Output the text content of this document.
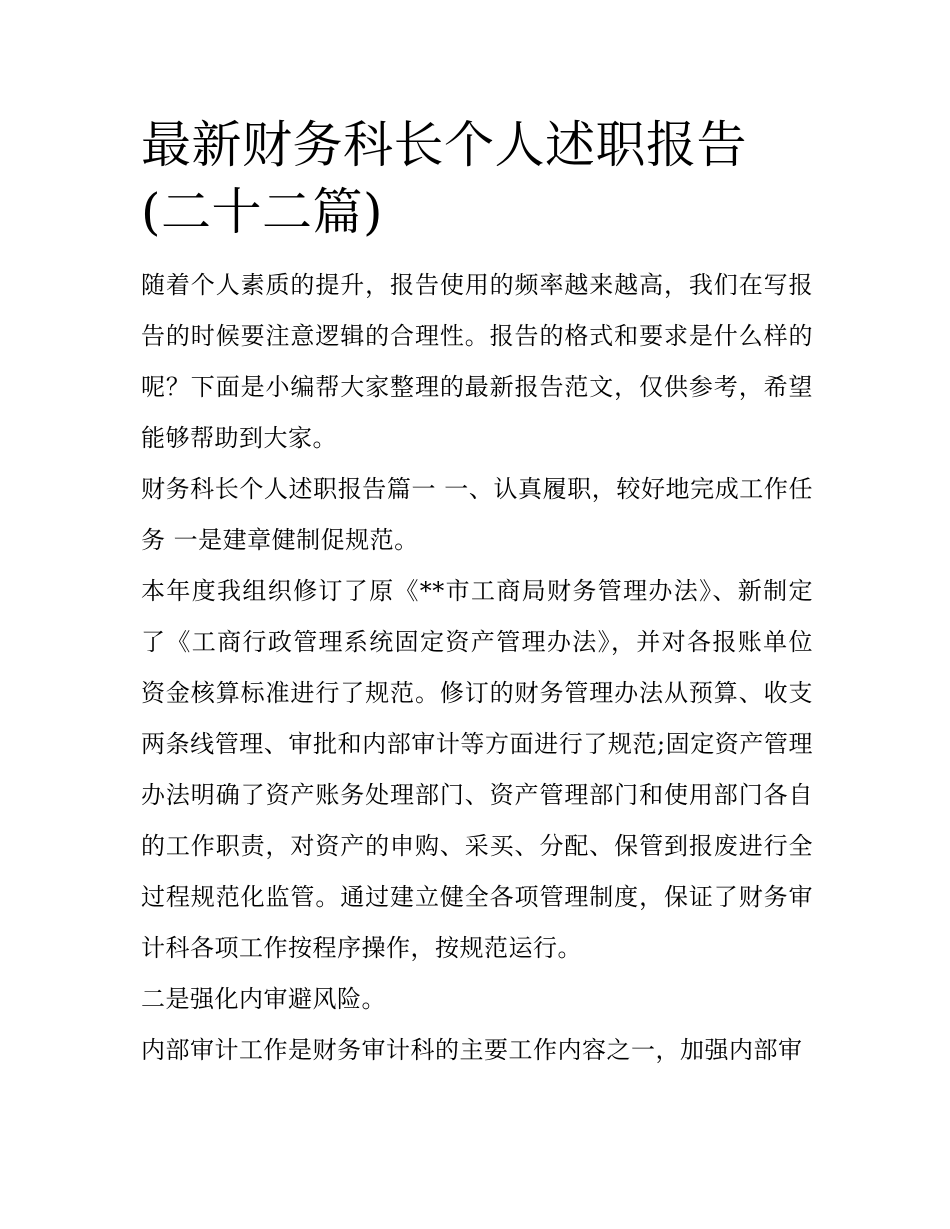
最新财务科长个人述职报告(二十二篇)

随着个人素质的提升，报告使用的频率越来越高，我们在写报告的时候要注意逻辑的合理性。报告的格式和要求是什么样的呢？下面是小编帮大家整理的最新报告范文，仅供参考，希望能够帮助到大家。

财务科长个人述职报告篇一 一、认真履职，较好地完成工作任务 一是建章健制促规范。

本年度我组织修订了原《**市工商局财务管理办法》、新制定了《工商行政管理系统固定资产管理办法》，并对各报账单位资金核算标准进行了规范。修订的财务管理办法从预算、收支两条线管理、审批和内部审计等方面进行了规范;固定资产管理办法明确了资产账务处理部门、资产管理部门和使用部门各自的工作职责，对资产的申购、采买、分配、保管到报废进行全过程规范化监管。通过建立健全各项管理制度，保证了财务审计科各项工作按程序操作，按规范运行。

二是强化内审避风险。

内部审计工作是财务审计科的主要工作内容之一，加强内部审
